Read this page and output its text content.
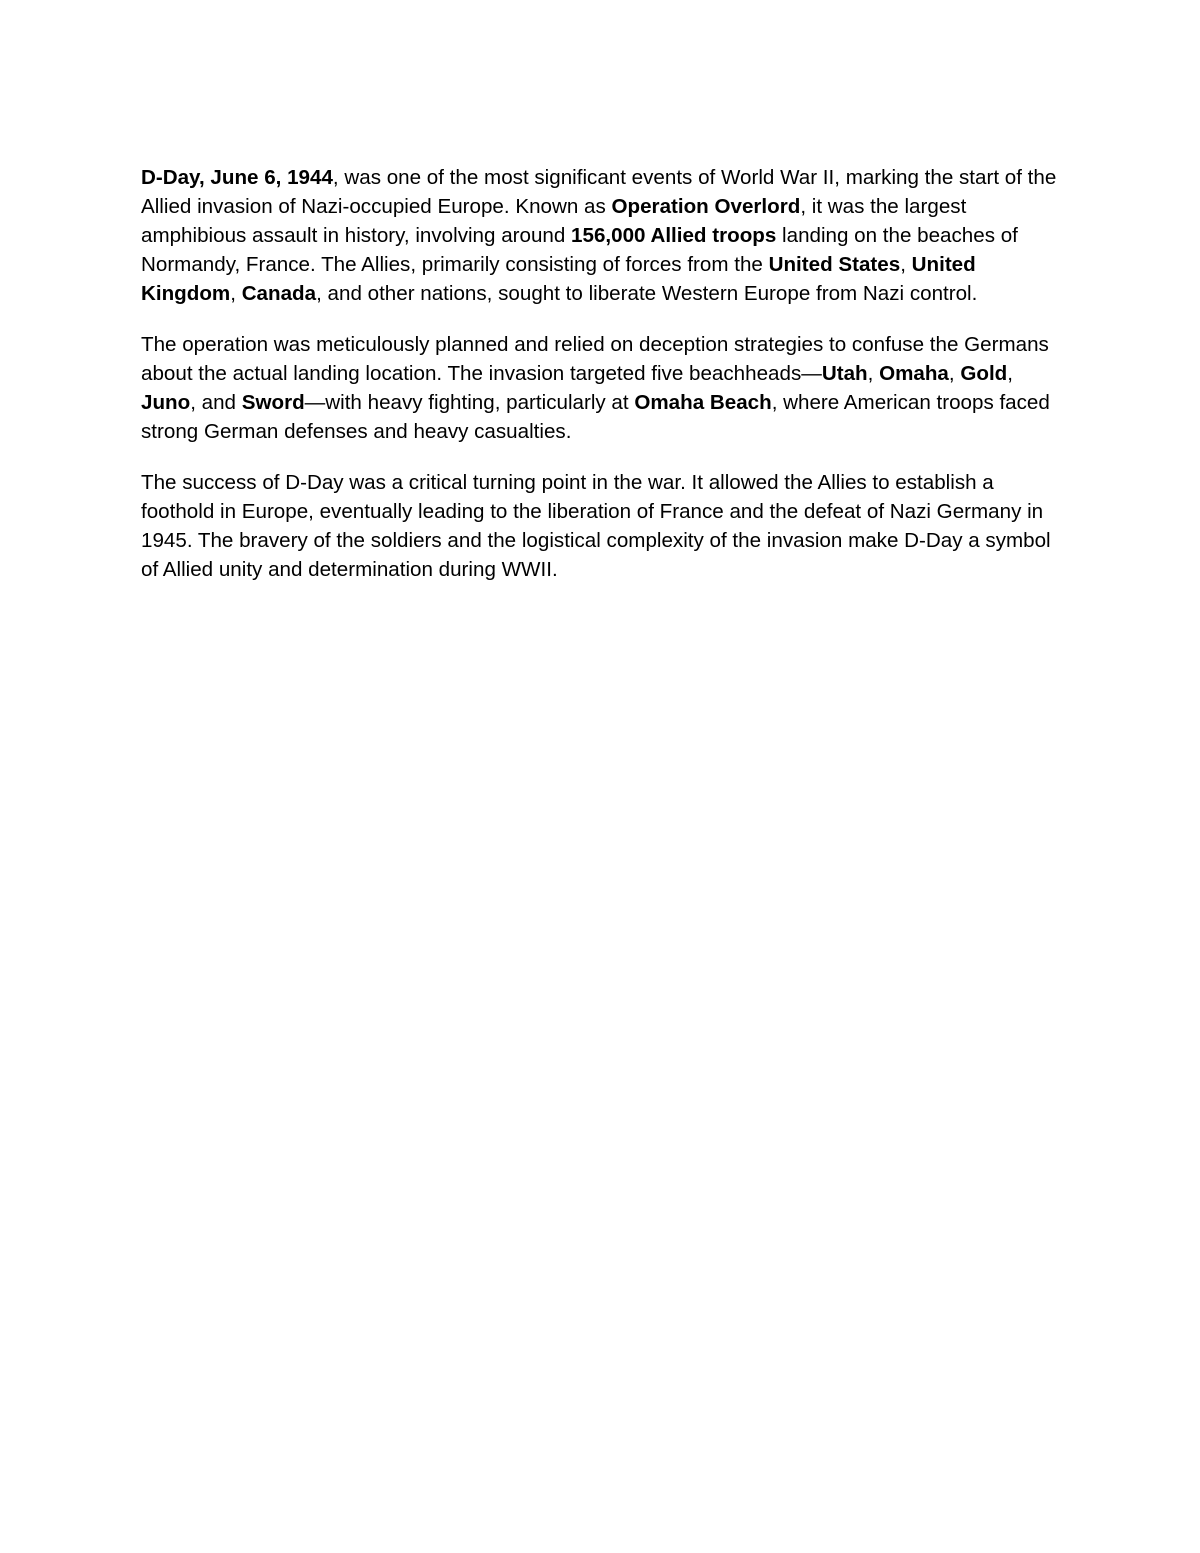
D-Day, June 6, 1944, was one of the most significant events of World War II, marking the start of the Allied invasion of Nazi-occupied Europe. Known as Operation Overlord, it was the largest amphibious assault in history, involving around 156,000 Allied troops landing on the beaches of Normandy, France. The Allies, primarily consisting of forces from the United States, United Kingdom, Canada, and other nations, sought to liberate Western Europe from Nazi control.

The operation was meticulously planned and relied on deception strategies to confuse the Germans about the actual landing location. The invasion targeted five beachheads—Utah, Omaha, Gold, Juno, and Sword—with heavy fighting, particularly at Omaha Beach, where American troops faced strong German defenses and heavy casualties.

The success of D-Day was a critical turning point in the war. It allowed the Allies to establish a foothold in Europe, eventually leading to the liberation of France and the defeat of Nazi Germany in 1945. The bravery of the soldiers and the logistical complexity of the invasion make D-Day a symbol of Allied unity and determination during WWII.
